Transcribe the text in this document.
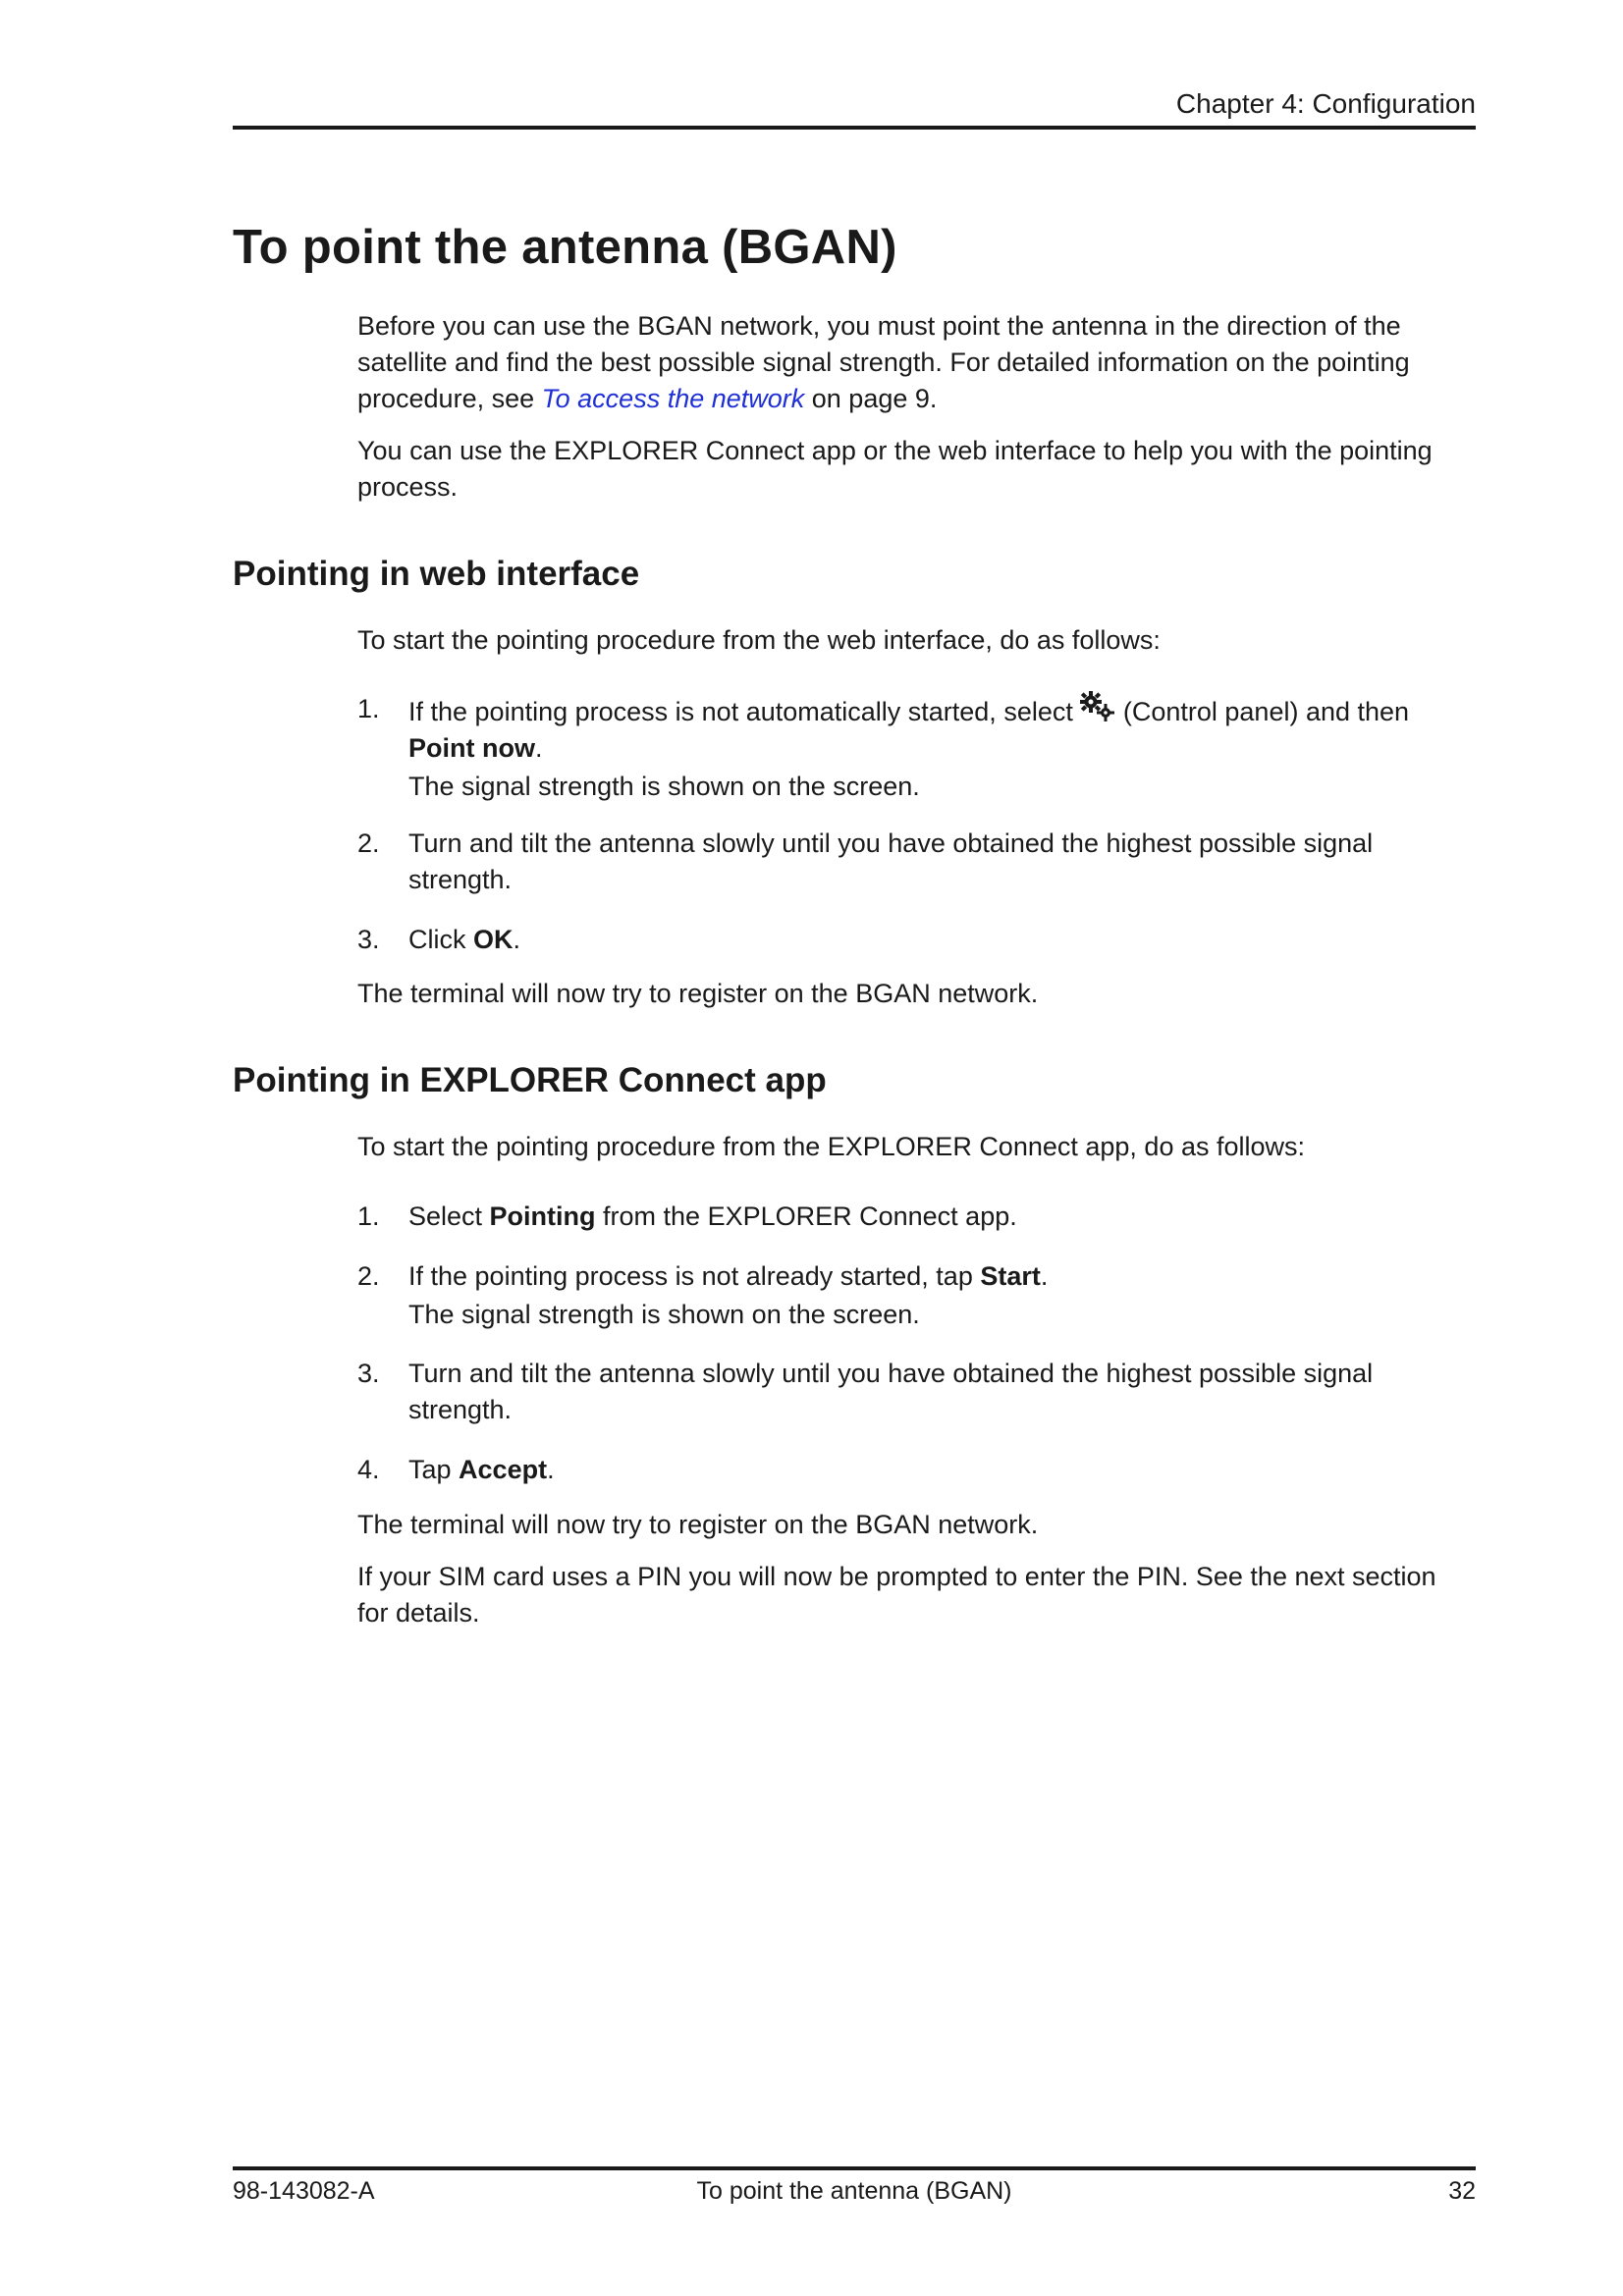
Chapter 4: Configuration
To point the antenna (BGAN)

Before you can use the BGAN network, you must point the antenna in the direction of the satellite and find the best possible signal strength. For detailed information on the pointing procedure, see To access the network on page 9.

You can use the EXPLORER Connect app or the web interface to help you with the pointing process.

Pointing in web interface

To start the pointing procedure from the web interface, do as follows:

1.	If the pointing process is not automatically started, select  (Control panel) and then Point now.
The signal strength is shown on the screen.
2.	Turn and tilt the antenna slowly until you have obtained the highest possible signal strength.
3.	Click OK.

The terminal will now try to register on the BGAN network.

Pointing in EXPLORER Connect app

To start the pointing procedure from the EXPLORER Connect app, do as follows:

1.	Select Pointing from the EXPLORER Connect app.
2.	If the pointing process is not already started, tap Start.
The signal strength is shown on the screen.
3.	Turn and tilt the antenna slowly until you have obtained the highest possible signal strength.
4.	Tap Accept.

The terminal will now try to register on the BGAN network.

If your SIM card uses a PIN you will now be prompted to enter the PIN. See the next section for details.

98-143082-A	To point the antenna (BGAN)	32
